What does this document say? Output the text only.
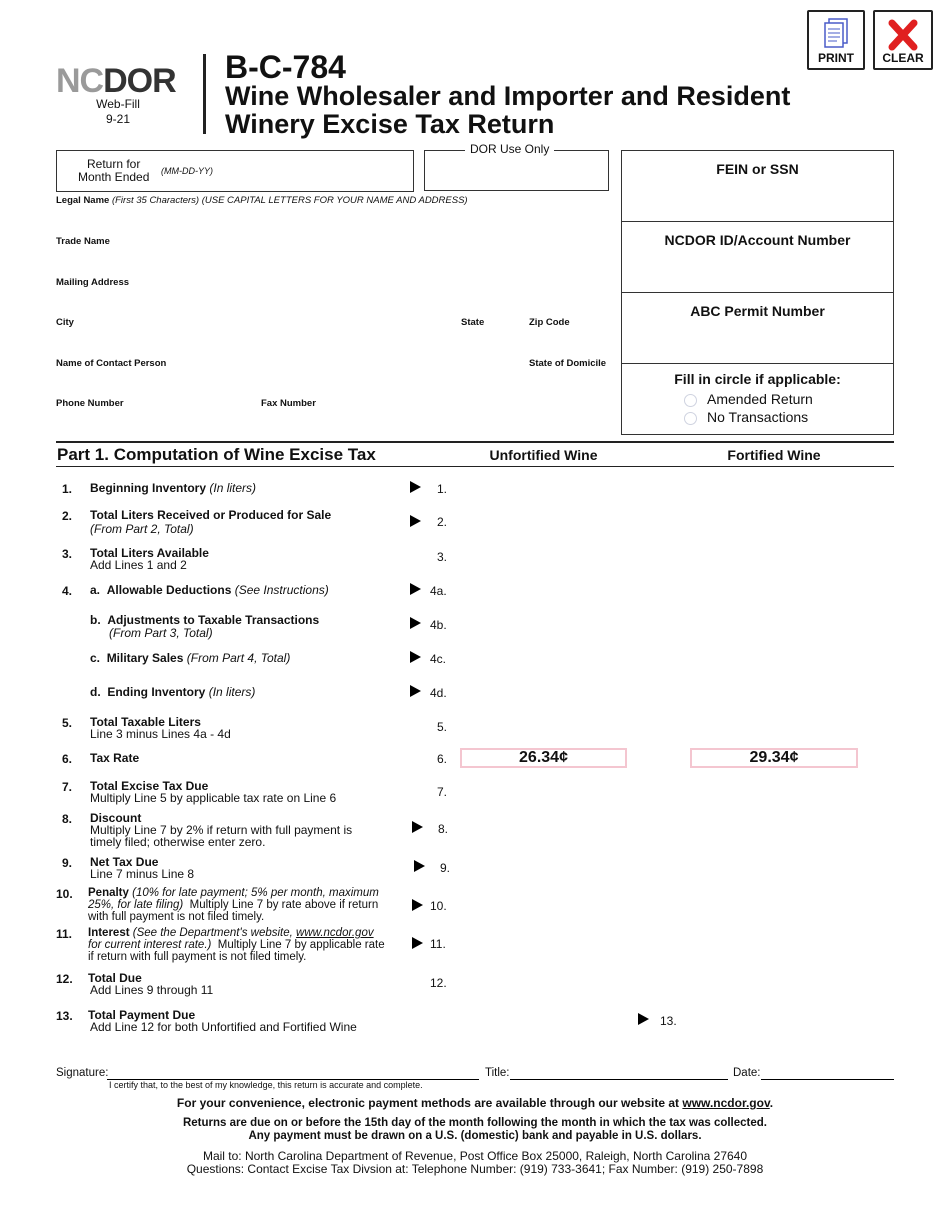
NCDOR
Web-Fill
9-21
B-C-784
Wine Wholesaler and Importer and Resident
Winery Excise Tax Return
PRINT	CLEAR
Return for
Month Ended (MM-DD-YY)
DOR Use Only
Legal Name (First 35 Characters) (USE CAPITAL LETTERS FOR YOUR NAME AND ADDRESS)
Trade Name
Mailing Address
City	State	Zip Code
Name of Contact Person	State of Domicile
Phone Number	Fax Number
FEIN or SSN
NCDOR ID/Account Number
ABC Permit Number
Fill in circle if applicable:
Amended Return
No Transactions
Part 1. Computation of Wine Excise Tax	Unfortified Wine	Fortified Wine
1. Beginning Inventory (In liters)	1.
2. Total Liters Received or Produced for Sale
(From Part 2, Total)	2.
3. Total Liters Available
Add Lines 1 and 2
3.
4. a. Allowable Deductions (See Instructions)	4a.
b. Adjustments to Taxable Transactions
(From Part 3, Total)
4b.
c. Military Sales (From Part 4, Total)	4c.
d. Ending Inventory (In liters)	4d.
5. Total Taxable Liters
Line 3 minus Lines 4a - 4d	5.
6. Tax Rate	6.	26.34¢	29.34¢
7. Total Excise Tax Due
Multiply Line 5 by applicable tax rate on Line 6	7.
8. Discount
Multiply Line 7 by 2% if return with full payment is
timely filed; otherwise enter zero.
8.
9. Net Tax Due
Line 7 minus Line 8	9.
10. Penalty (10% for late payment; 5% per month, maximum
25%, for late filing) Multiply Line 7 by rate above if return
with full payment is not filed timely.
10.
11. Interest (See the Department's website, www.ncdor.gov
for current interest rate.) Multiply Line 7 by applicable rate
if return with full payment is not filed timely.
11.
12. Total Due
Add Lines 9 through 11	12.
13. Total Payment Due
Add Line 12 for both Unfortified and Fortified Wine	13.
Signature:	Title:	Date:
I certify that, to the best of my knowledge, this return is accurate and complete.
For your convenience, electronic payment methods are available through our website at www.ncdor.gov.
Returns are due on or before the 15th day of the month following the month in which the tax was collected.
Any payment must be drawn on a U.S. (domestic) bank and payable in U.S. dollars.
Mail to: North Carolina Department of Revenue, Post Office Box 25000, Raleigh, North Carolina 27640
Questions: Contact Excise Tax Divsion at: Telephone Number: (919) 733-3641; Fax Number: (919) 250-7898
